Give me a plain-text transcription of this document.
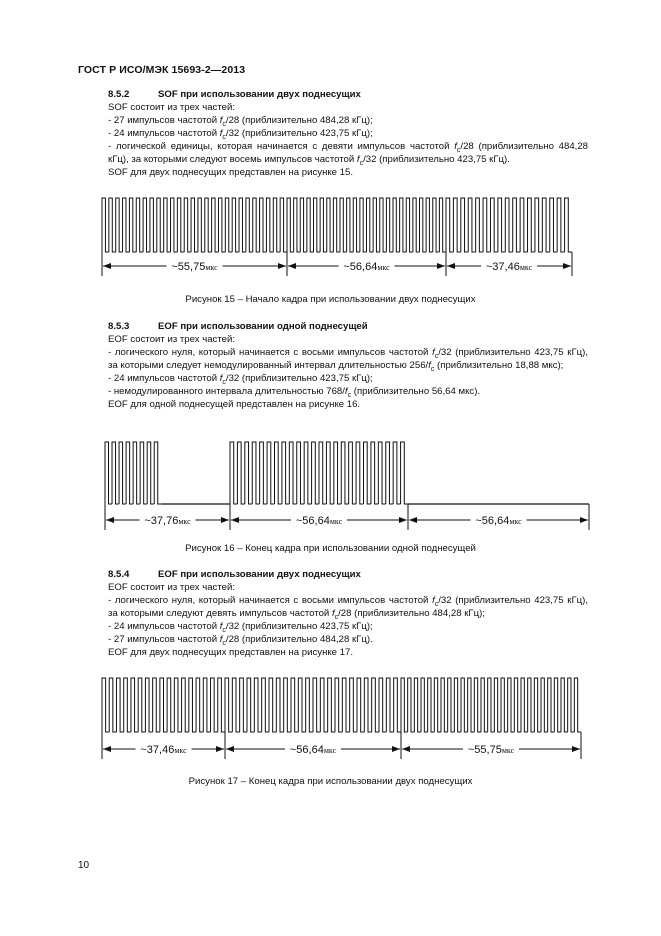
ГОСТ Р ИСО/МЭК 15693-2—2013

8.5.2	SOF при использовании двух поднесущих

SOF состоит из трех частей:

- 27 импульсов частотой $f_c/28$ (приблизительно 484,28 кГц);

- 24 импульсов частотой $f_c/32$ (приблизительно 423,75 кГц);

- логической единицы, которая начинается с девяти импульсов частотой $f_c/28$ (приблизительно 484,28 кГц), за которыми следуют восемь импульсов частотой $f_c/32$ (приблизительно 423,75 кГц).

SOF для двух поднесущих представлен на рисунке 15.

~55,75мкс	~56,64мкс	~37,46мкс
Рисунок 15 – Начало кадра при использовании двух поднесущих

8.5.3	EOF при использовании одной поднесущей

EOF состоит из трех частей:

- логического нуля, который начинается с восьми импульсов частотой $f_c/32$ (приблизительно 423,75 кГц), за которыми следует немодулированный интервал длительностью $256/f_c$ (приблизительно 18,88 мкс);

- 24 импульсов частотой $f_c/32$ (приблизительно 423,75 кГц);

- немодулированного интервала длительностью $768/f_c$ (приблизительно 56,64 мкс).

EOF для одной поднесущей представлен на рисунке 16.

~37,76мкс	~56,64мкс	~56,64мкс
Рисунок 16 – Конец кадра при использовании одной поднесущей

8.5.4	EOF при использовании двух поднесущих

EOF состоит из трех частей:

- логического нуля, который начинается с восьми импульсов частотой $f_c/32$ (приблизительно 423,75 кГц), за которыми следуют девять импульсов частотой $f_c/28$ (приблизительно 484,28 кГц);

- 24 импульсов частотой $f_c/32$ (приблизительно 423,75 кГц);

- 27 импульсов частотой $f_c/28$ (приблизительно 484,28 кГц).

EOF для двух поднесущих представлен на рисунке 17.

~37,46мкс	~56,64мкс	~55,75мкс
Рисунок 17 – Конец кадра при использовании двух поднесущих
10
